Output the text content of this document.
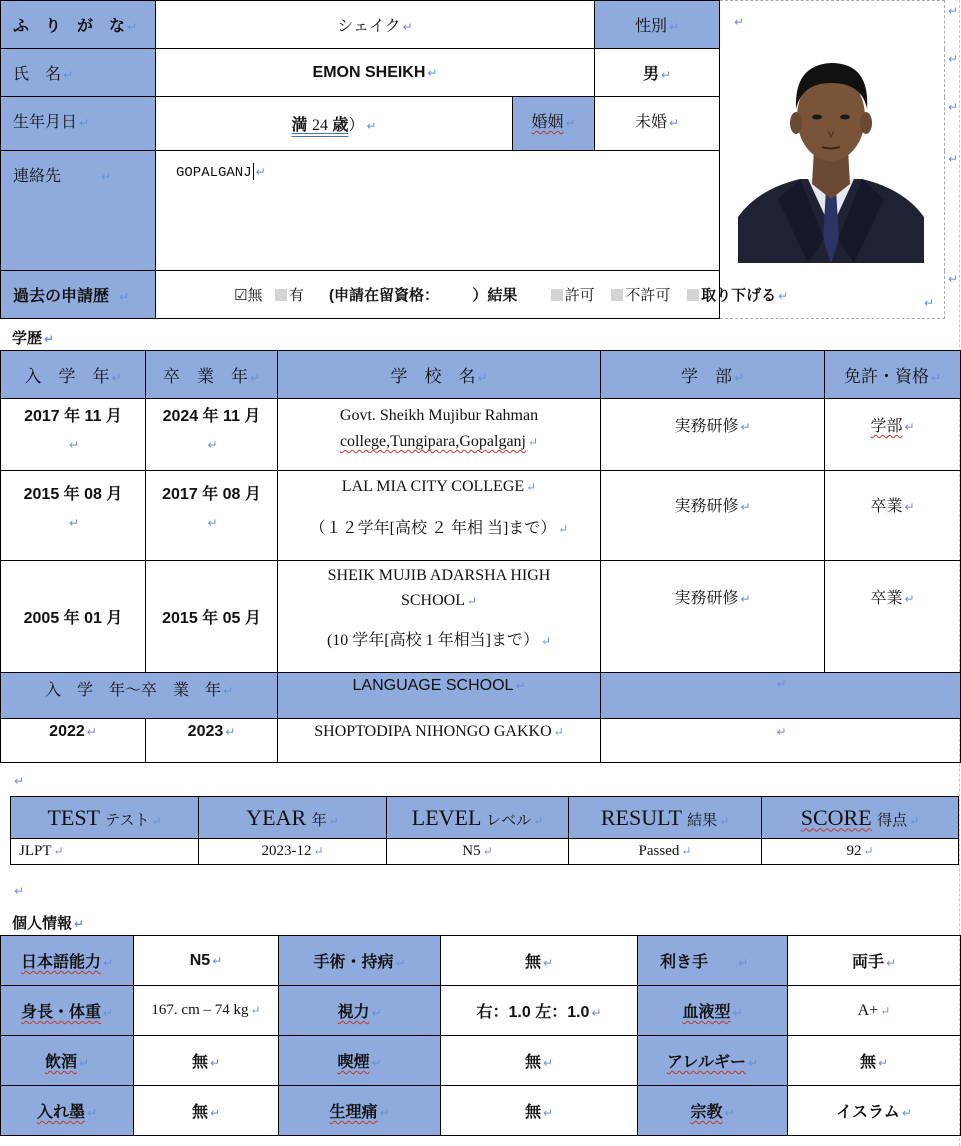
ふ　り　が　な ↵	シェイク ↵		性別 ↵	
↵
↵

氏　名 ↵	EMON SHEIKH ↵		男 ↵
生年月日 ↵	満 24 歳） ↵	婚姻 ↵	未婚 ↵
連絡先 ↵	GOPALGANJ ↵
過去の申請歴 ↵	☑無 有 (申請在留資格： ）結果 許可 不許可 取り下げる ↵
↵
↵
↵
↵
↵
学歴 ↵
入　学　年 ↵	卒　業　年 ↵	学　校　名 ↵	学　部 ↵	免許・資格 ↵
2017 年 11 月
↵	2024 年 11 月
↵	Govt. Sheikh Mujibur Rahman
college,Tungipara,Gopalganj ↵	実務研修 ↵	学部 ↵
2015 年 08 月
↵	2017 年 08 月
↵	LAL MIA CITY COLLEGE ↵
（１２学年[高校 ２ 年相 当]まで） ↵	実務研修 ↵	卒業 ↵
2005 年 01 月	2015 年 05 月	SHEIK MUJIB ADARSHA HIGH
SCHOOL ↵
(10 学年[高校 1 年相当]まで） ↵	実務研修 ↵	卒業 ↵
入　学　年～卒　業　年 ↵		LANGUAGE SCHOOL ↵	↵
2022 ↵	2023 ↵	SHOPTODIPA NIHONGO GAKKO ↵	↵
↵
TEST テスト ↵	YEAR 年 ↵	LEVEL レベル ↵	RESULT 結果 ↵	SCORE 得点 ↵
JLPT ↵	2023-12 ↵	N5 ↵	Passed ↵	92 ↵
↵
個人情報 ↵
日本語能力 ↵	N5 ↵	手術・持病 ↵	無 ↵	利き手 ↵	両手 ↵
身長・体重 ↵	167. cm – 74 kg ↵	視力 ↵	右：1.0 左：1.0 ↵	血液型 ↵	A+ ↵
飲酒 ↵	無 ↵	喫煙 ↵	無 ↵	アレルギー ↵	無 ↵
入れ墨 ↵	無 ↵	生理痛 ↵	無 ↵	宗教 ↵	イスラム ↵
